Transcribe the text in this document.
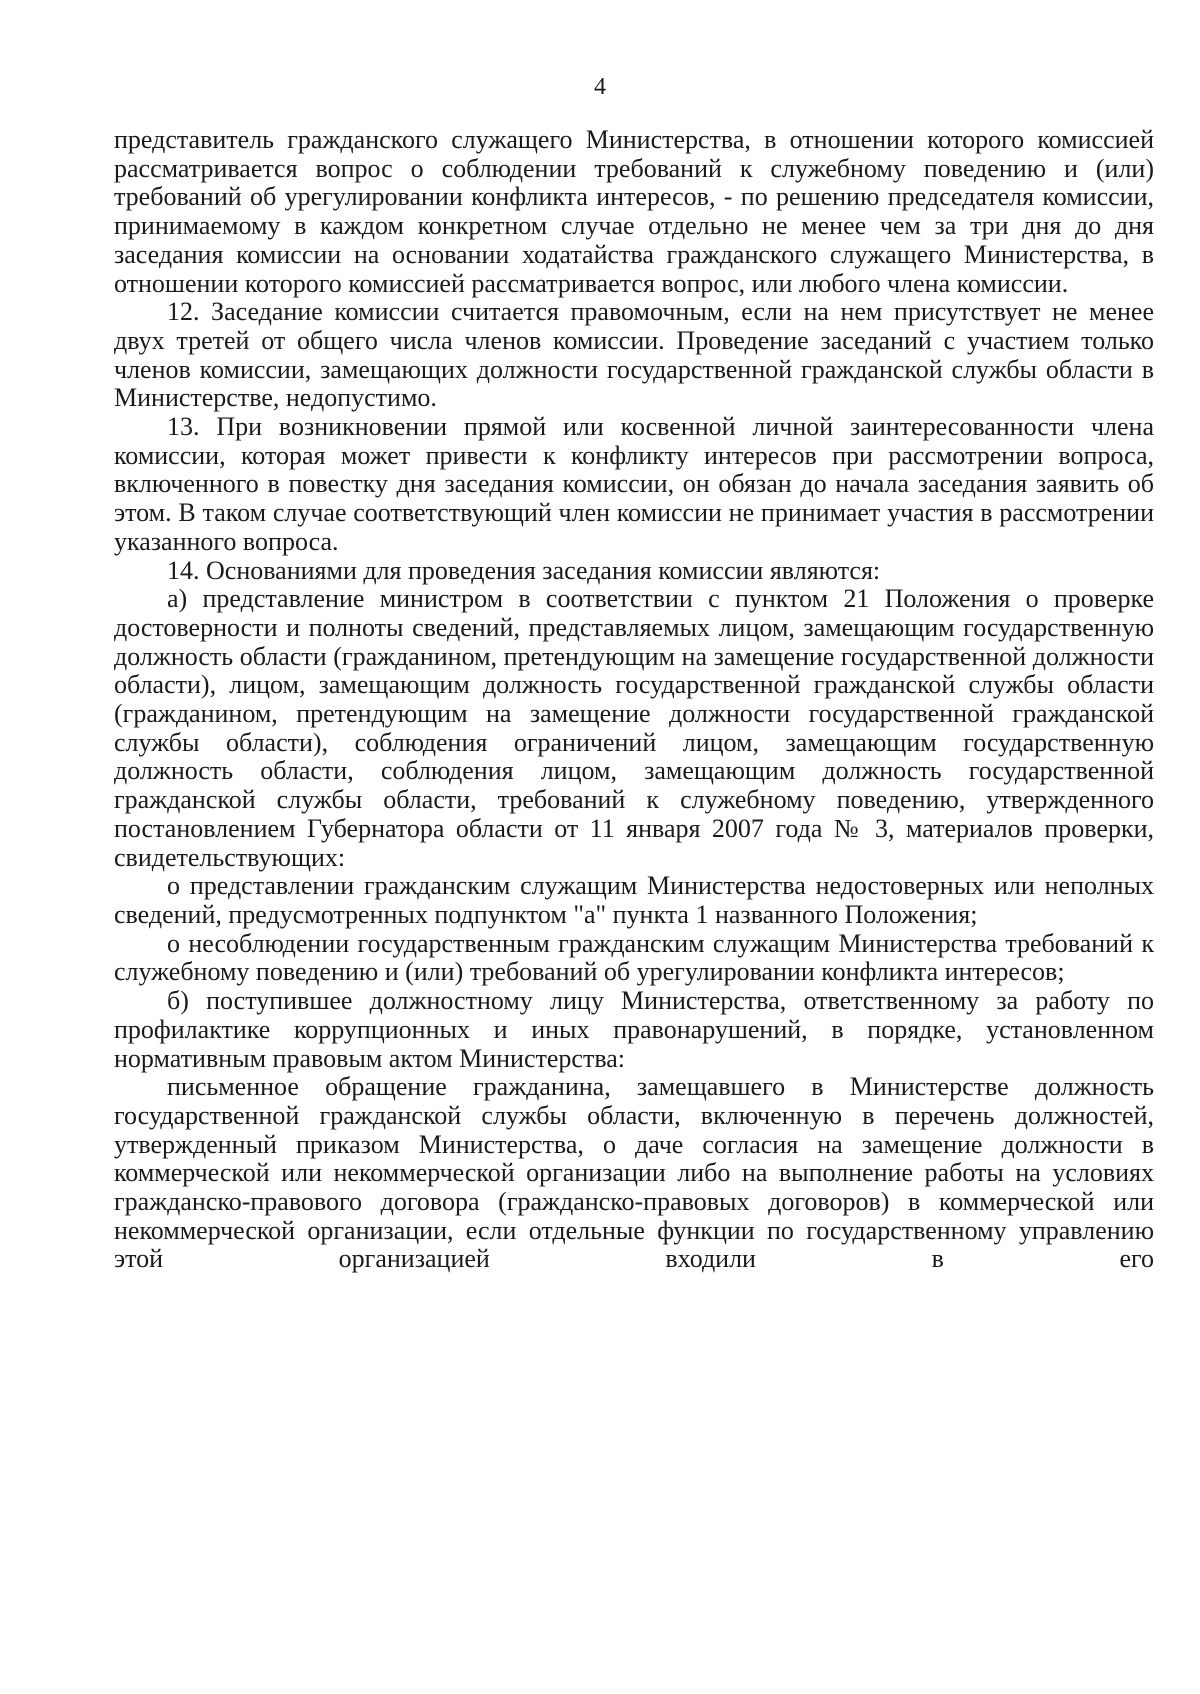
4

представитель гражданского служащего Министерства, в отношении которого комиссией рассматривается вопрос о соблюдении требований к служебному поведению и (или) требований об урегулировании конфликта интересов, - по решению председателя комиссии, принимаемому в каждом конкретном случае отдельно не менее чем за три дня до дня заседания комиссии на основании ходатайства гражданского служащего Министерства, в отношении которого комиссией рассматривается вопрос, или любого члена комиссии.

12. Заседание комиссии считается правомочным, если на нем присутствует не менее двух третей от общего числа членов комиссии. Проведение заседаний с участием только членов комиссии, замещающих должности государственной гражданской службы области в Министерстве, недопустимо.

13. При возникновении прямой или косвенной личной заинтересованности члена комиссии, которая может привести к конфликту интересов при рассмотрении вопроса, включенного в повестку дня заседания комиссии, он обязан до начала заседания заявить об этом. В таком случае соответствующий член комиссии не принимает участия в рассмотрении указанного вопроса.

14. Основаниями для проведения заседания комиссии являются:

а) представление министром в соответствии с пунктом 21 Положения о проверке достоверности и полноты сведений, представляемых лицом, замещающим государственную должность области (гражданином, претендующим на замещение государственной должности области), лицом, замещающим должность государственной гражданской службы области (гражданином, претендующим на замещение должности государственной гражданской службы области), соблюдения ограничений лицом, замещающим государственную должность области, соблюдения лицом, замещающим должность государственной гражданской службы области, требований к служебному поведению, утвержденного постановлением Губернатора области от 11 января 2007 года № 3, материалов проверки, свидетельствующих:

о представлении гражданским служащим Министерства недостоверных или неполных сведений, предусмотренных подпунктом "а" пункта 1 названного Положения;

о несоблюдении государственным гражданским служащим Министерства требований к служебному поведению и (или) требований об урегулировании конфликта интересов;

б) поступившее должностному лицу Министерства, ответственному за работу по профилактике коррупционных и иных правонарушений, в порядке, установленном нормативным правовым актом Министерства:

письменное обращение гражданина, замещавшего в Министерстве должность государственной гражданской службы области, включенную в перечень должностей, утвержденный приказом Министерства, о даче согласия на замещение должности в коммерческой или некоммерческой организации либо на выполнение работы на условиях гражданско-правового договора (гражданско-правовых договоров) в коммерческой или некоммерческой организации, если отдельные функции по государственному управлению этой организацией входили в его
